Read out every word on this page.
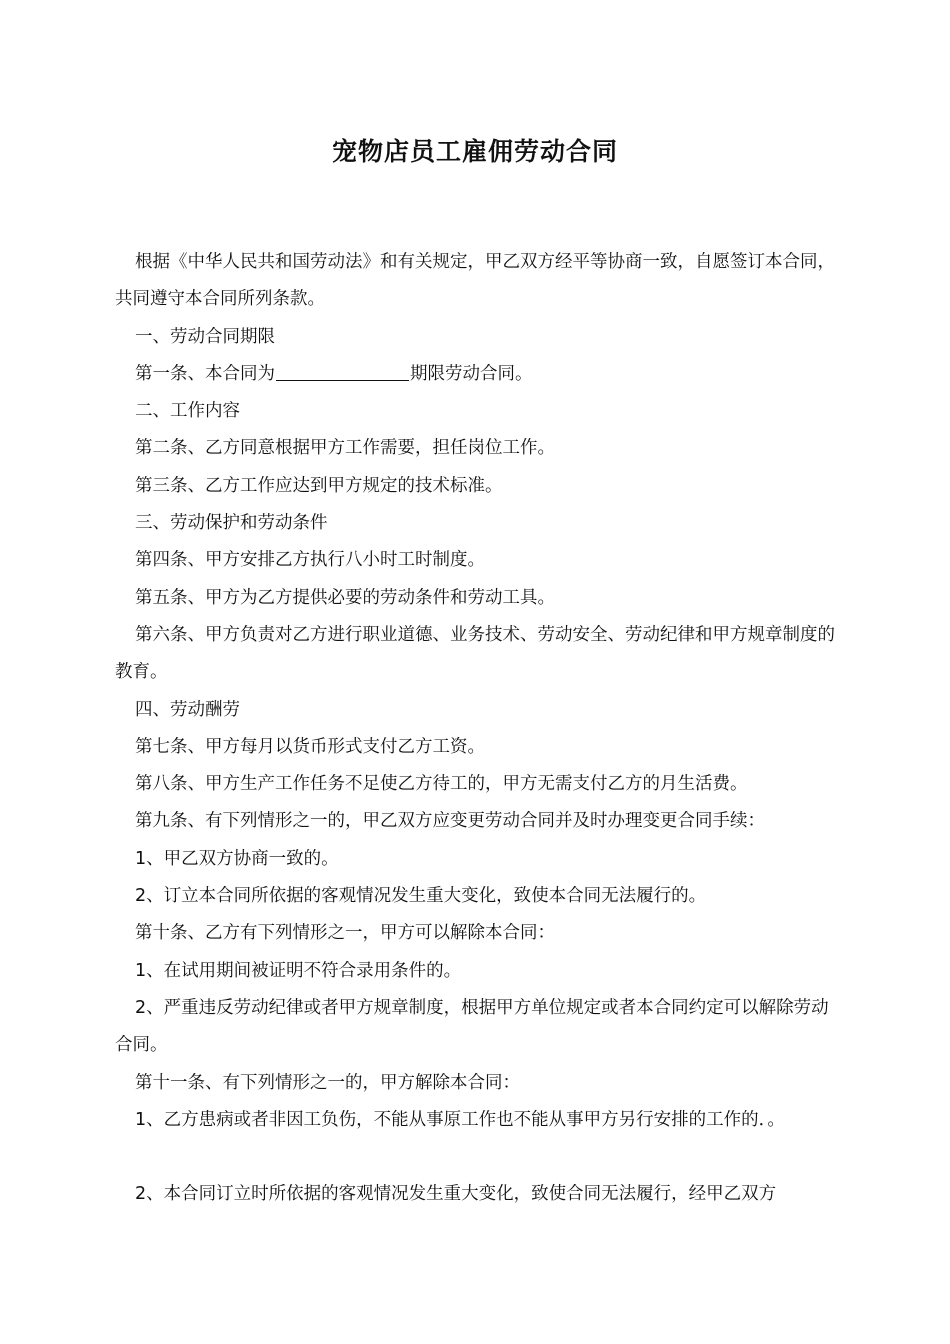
宠物店员工雇佣劳动合同

根据《中华人民共和国劳动法》和有关规定，甲乙双方经平等协商一致，自愿签订本合同，共同遵守本合同所列条款。

一、劳动合同期限

第一条、本合同为	期限劳动合同。

二、工作内容

第二条、乙方同意根据甲方工作需要，担任岗位工作。

第三条、乙方工作应达到甲方规定的技术标准。

三、劳动保护和劳动条件

第四条、甲方安排乙方执行八小时工时制度。

第五条、甲方为乙方提供必要的劳动条件和劳动工具。

第六条、甲方负责对乙方进行职业道德、业务技术、劳动安全、劳动纪律和甲方规章制度的教育。

四、劳动酬劳

第七条、甲方每月以货币形式支付乙方工资。

第八条、甲方生产工作任务不足使乙方待工的，甲方无需支付乙方的月生活费。

第九条、有下列情形之一的，甲乙双方应变更劳动合同并及时办理变更合同手续：

1、甲乙双方协商一致的。

2、订立本合同所依据的客观情况发生重大变化，致使本合同无法履行的。

第十条、乙方有下列情形之一，甲方可以解除本合同：

1、在试用期间被证明不符合录用条件的。

2、严重违反劳动纪律或者甲方规章制度，根据甲方单位规定或者本合同约定可以解除劳动合同。

第十一条、有下列情形之一的，甲方解除本合同：

1、乙方患病或者非因工负伤，不能从事原工作也不能从事甲方另行安排的工作的．。

2、本合同订立时所依据的客观情况发生重大变化，致使合同无法履行，经甲乙双方
